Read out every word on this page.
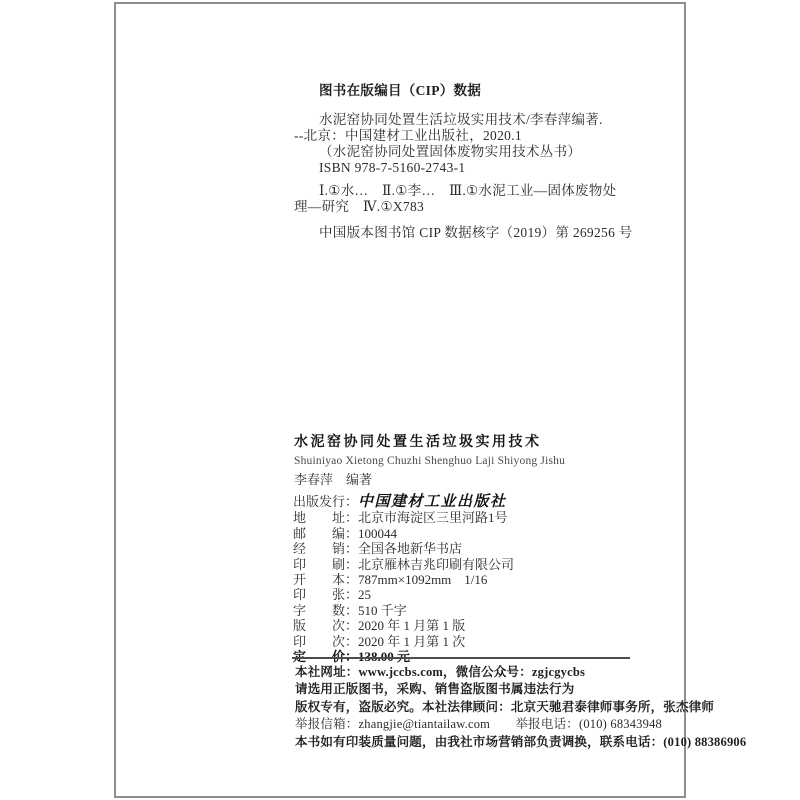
图书在版编目（CIP）数据
水泥窑协同处置生活垃圾实用技术/李春萍编著.
--北京：中国建材工业出版社，2020.1
（水泥窑协同处置固体废物实用技术丛书）
ISBN 978-7-5160-2743-1
Ⅰ.①水…　Ⅱ.①李…　Ⅲ.①水泥工业—固体废物处
理—研究　Ⅳ.①X783
中国版本图书馆 CIP 数据核字（2019）第 269256 号
水泥窑协同处置生活垃圾实用技术
Shuiniyao Xietong Chuzhi Shenghuo Laji Shiyong Jishu
李春萍　编著
出版发行：中国建材工业出版社
地址：北京市海淀区三里河路1号
邮编：100044
经销：全国各地新华书店
印刷：北京雁林吉兆印刷有限公司
开本：787mm×1092mm　1/16
印张：25
字数：510 千字
版次：2020 年 1 月第 1 版
印次：2020 年 1 月第 1 次
本社网址：www.jccbs.com，微信公众号：zgjcgycbs
请选用正版图书，采购、销售盗版图书属违法行为
版权专有，盗版必究。本社法律顾问：北京天驰君泰律师事务所，张杰律师
举报信箱：zhangjie@tiantailaw.com　　举报电话：(010) 68343948
本书如有印装质量问题，由我社市场营销部负责调换，联系电话：(010) 88386906
